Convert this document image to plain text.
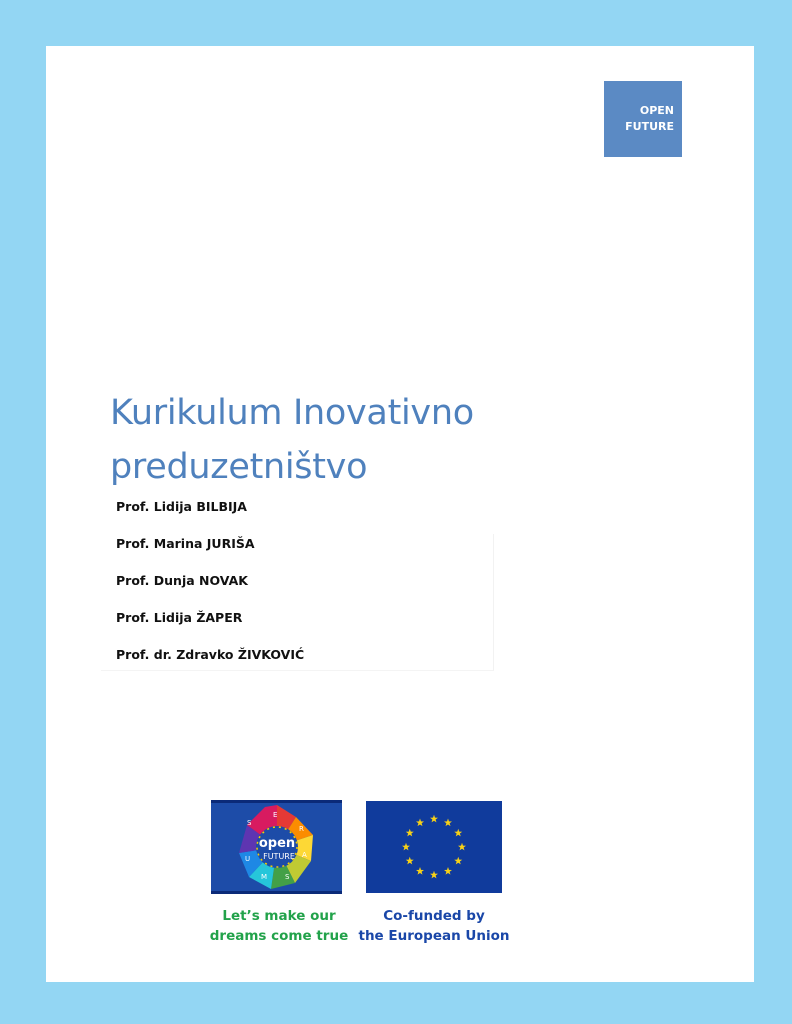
OPEN
FUTURE
Kurikulum Inovativno
preduzetništvo
Prof. Lidija BILBIJA
Prof. Marina JURIŠA
Prof. Dunja NOVAK
Prof. Lidija ŽAPER
Prof. dr. Zdravko ŽIVKOVIĆ
open
FUTURE
S
E
R
A
S
M
U
Let’s make our
dreams come true
Co-funded by
the European Union
